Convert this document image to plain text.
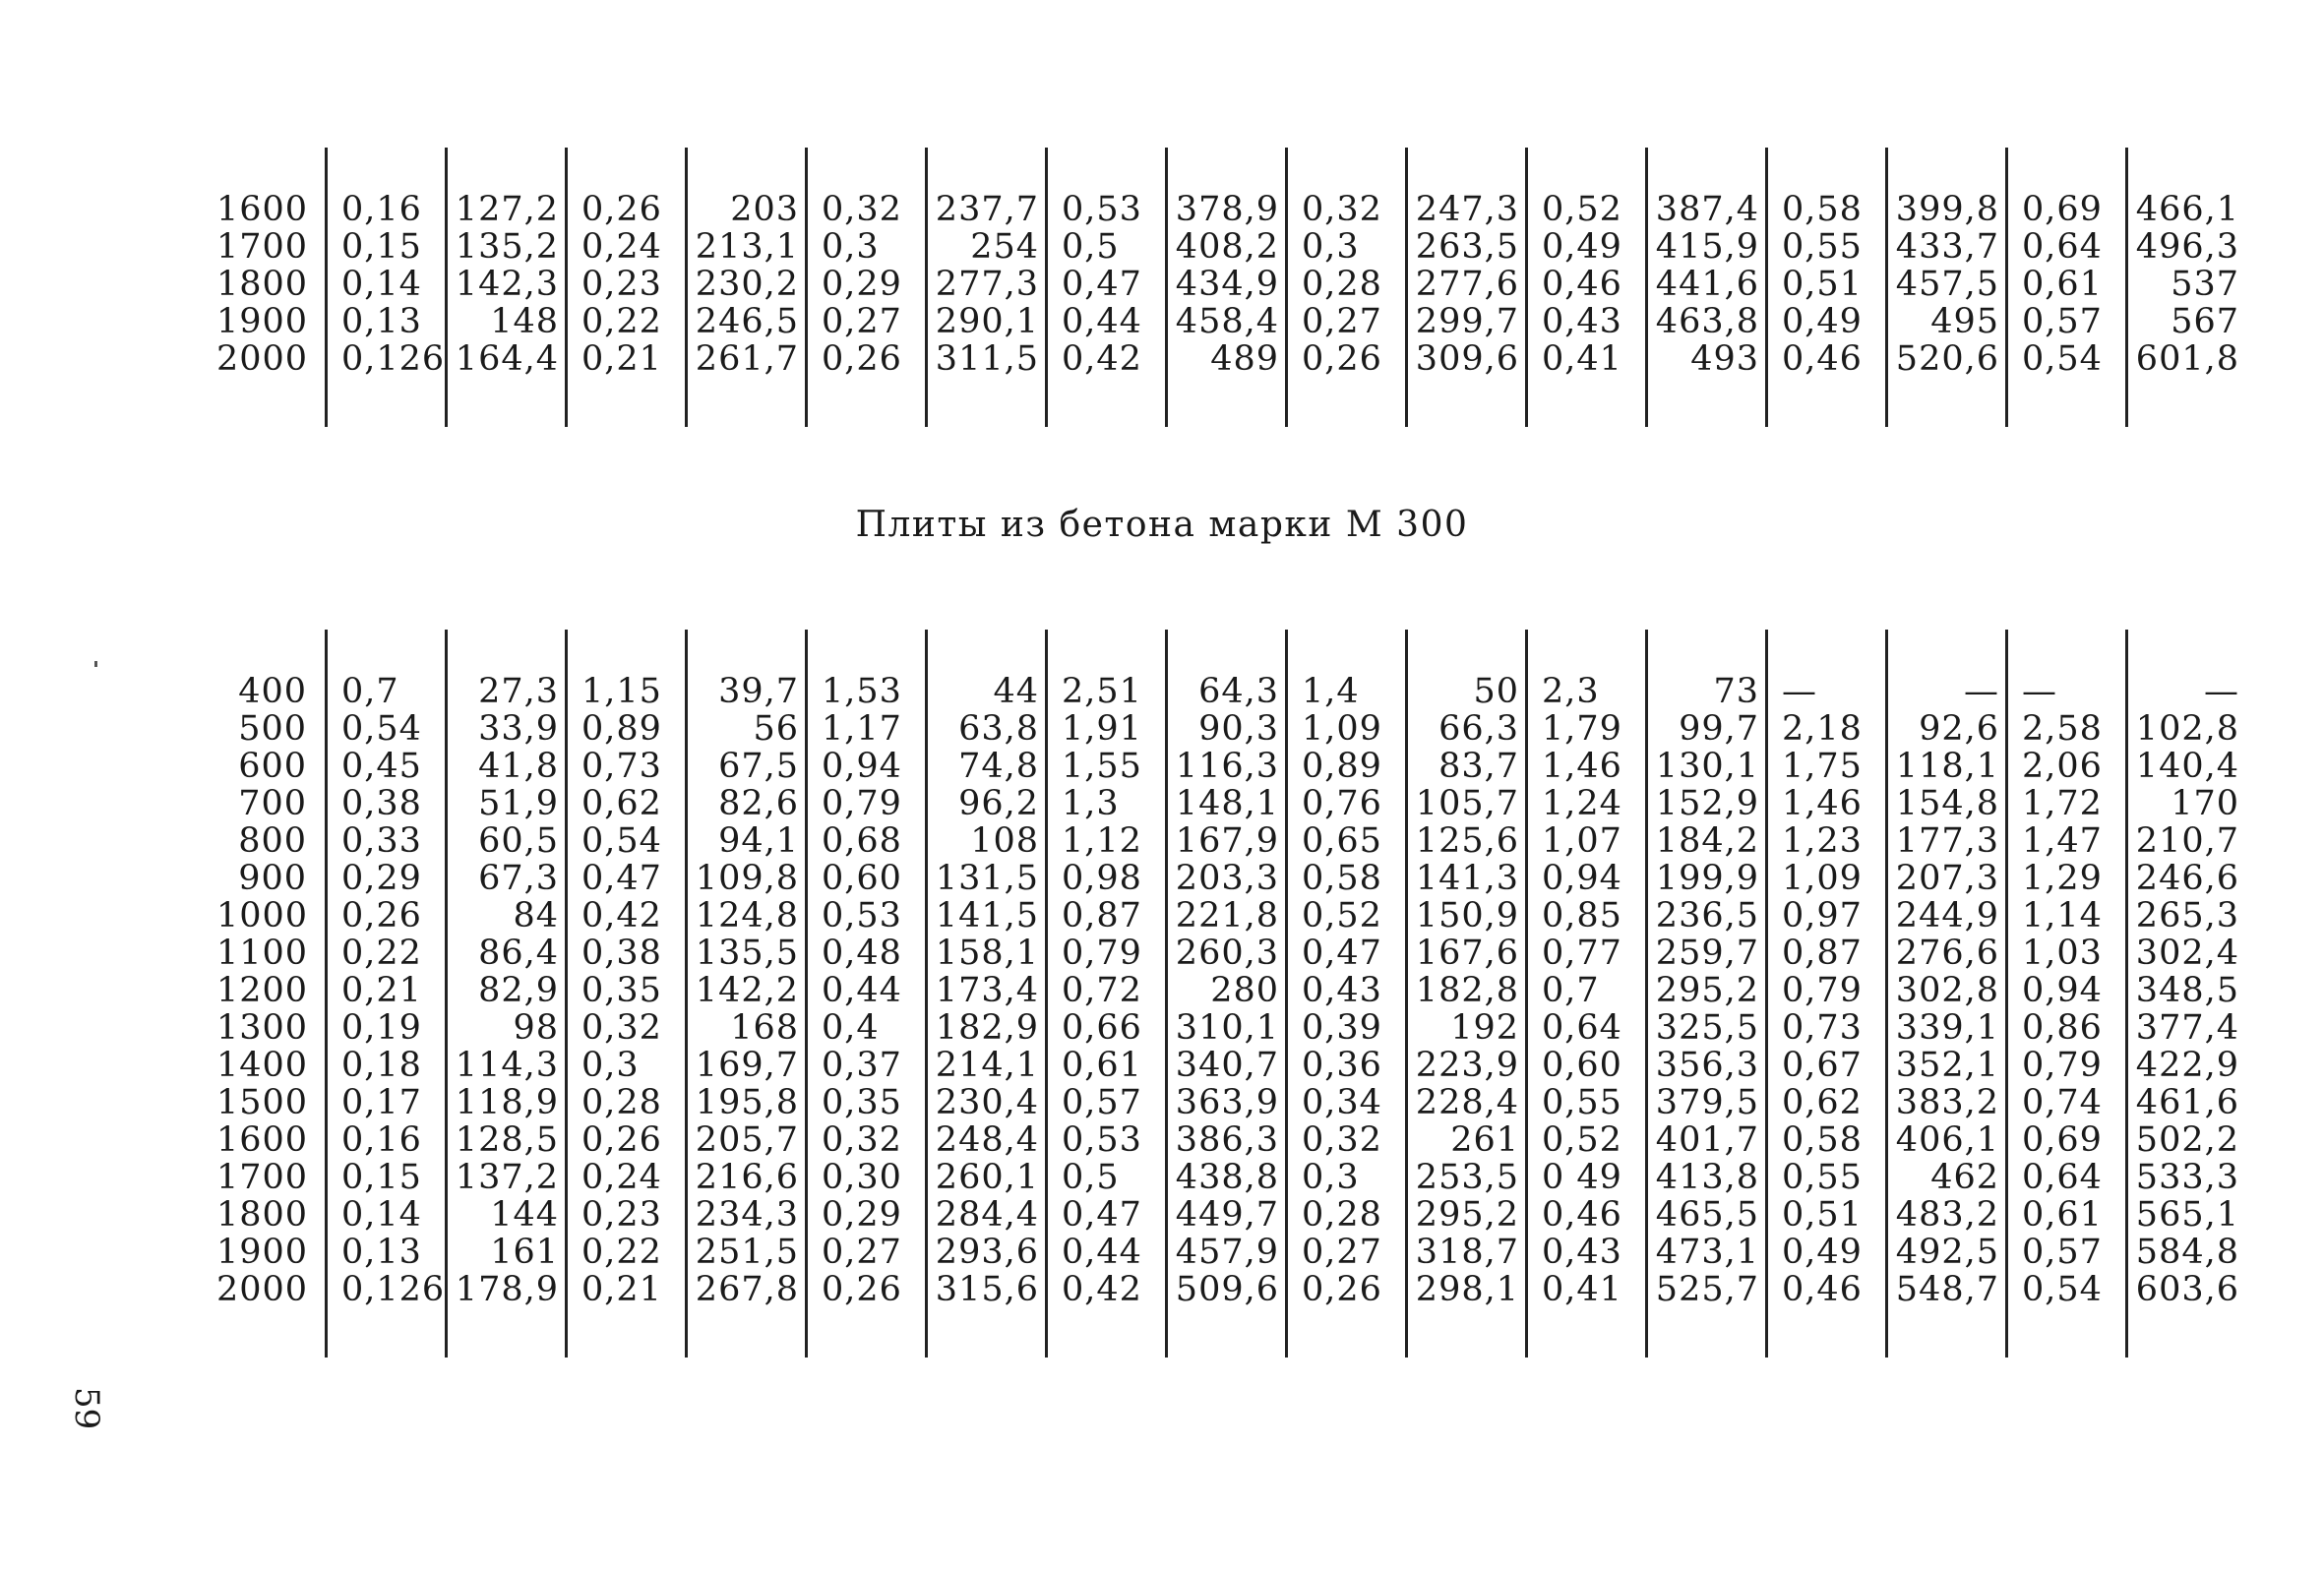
1600
1700
1800
1900
2000
0,16
0,15
0,14
0,13
0,126
127,2
135,2
142,3
148
164,4
0,26
0,24
0,23
0,22
0,21
203
213,1
230,2
246,5
261,7
0,32
0,3
0,29
0,27
0,26
237,7
254
277,3
290,1
311,5
0,53
0,5
0,47
0,44
0,42
378,9
408,2
434,9
458,4
489
0,32
0,3
0,28
0,27
0,26
247,3
263,5
277,6
299,7
309,6
0,52
0,49
0,46
0,43
0,41
387,4
415,9
441,6
463,8
493
0,58
0,55
0,51
0,49
0,46
399,8
433,7
457,5
495
520,6
0,69
0,64
0,61
0,57
0,54
466,1
496,3
537
567
601,8
Плиты из бетона марки М 300
400
500
600
700
800
900
1000
1100
1200
1300
1400
1500
1600
1700
1800
1900
2000
0,7
0,54
0,45
0,38
0,33
0,29
0,26
0,22
0,21
0,19
0,18
0,17
0,16
0,15
0,14
0,13
0,126
27,3
33,9
41,8
51,9
60,5
67,3
84
86,4
82,9
98
114,3
118,9
128,5
137,2
144
161
178,9
1,15
0,89
0,73
0,62
0,54
0,47
0,42
0,38
0,35
0,32
0,3
0,28
0,26
0,24
0,23
0,22
0,21
39,7
56
67,5
82,6
94,1
109,8
124,8
135,5
142,2
168
169,7
195,8
205,7
216,6
234,3
251,5
267,8
1,53
1,17
0,94
0,79
0,68
0,60
0,53
0,48
0,44
0,4
0,37
0,35
0,32
0,30
0,29
0,27
0,26
44
63,8
74,8
96,2
108
131,5
141,5
158,1
173,4
182,9
214,1
230,4
248,4
260,1
284,4
293,6
315,6
2,51
1,91
1,55
1,3
1,12
0,98
0,87
0,79
0,72
0,66
0,61
0,57
0,53
0,5
0,47
0,44
0,42
64,3
90,3
116,3
148,1
167,9
203,3
221,8
260,3
280
310,1
340,7
363,9
386,3
438,8
449,7
457,9
509,6
1,4
1,09
0,89
0,76
0,65
0,58
0,52
0,47
0,43
0,39
0,36
0,34
0,32
0,3
0,28
0,27
0,26
50
66,3
83,7
105,7
125,6
141,3
150,9
167,6
182,8
192
223,9
228,4
261
253,5
295,2
318,7
298,1
2,3
1,79
1,46
1,24
1,07
0,94
0,85
0,77
0,7
0,64
0,60
0,55
0,52
0 49
0,46
0,43
0,41
73
99,7
130,1
152,9
184,2
199,9
236,5
259,7
295,2
325,5
356,3
379,5
401,7
413,8
465,5
473,1
525,7
—
2,18
1,75
1,46
1,23
1,09
0,97
0,87
0,79
0,73
0,67
0,62
0,58
0,55
0,51
0,49
0,46
—
92,6
118,1
154,8
177,3
207,3
244,9
276,6
302,8
339,1
352,1
383,2
406,1
462
483,2
492,5
548,7
—
2,58
2,06
1,72
1,47
1,29
1,14
1,03
0,94
0,86
0,79
0,74
0,69
0,64
0,61
0,57
0,54
—
102,8
140,4
170
210,7
246,6
265,3
302,4
348,5
377,4
422,9
461,6
502,2
533,3
565,1
584,8
603,6
59
